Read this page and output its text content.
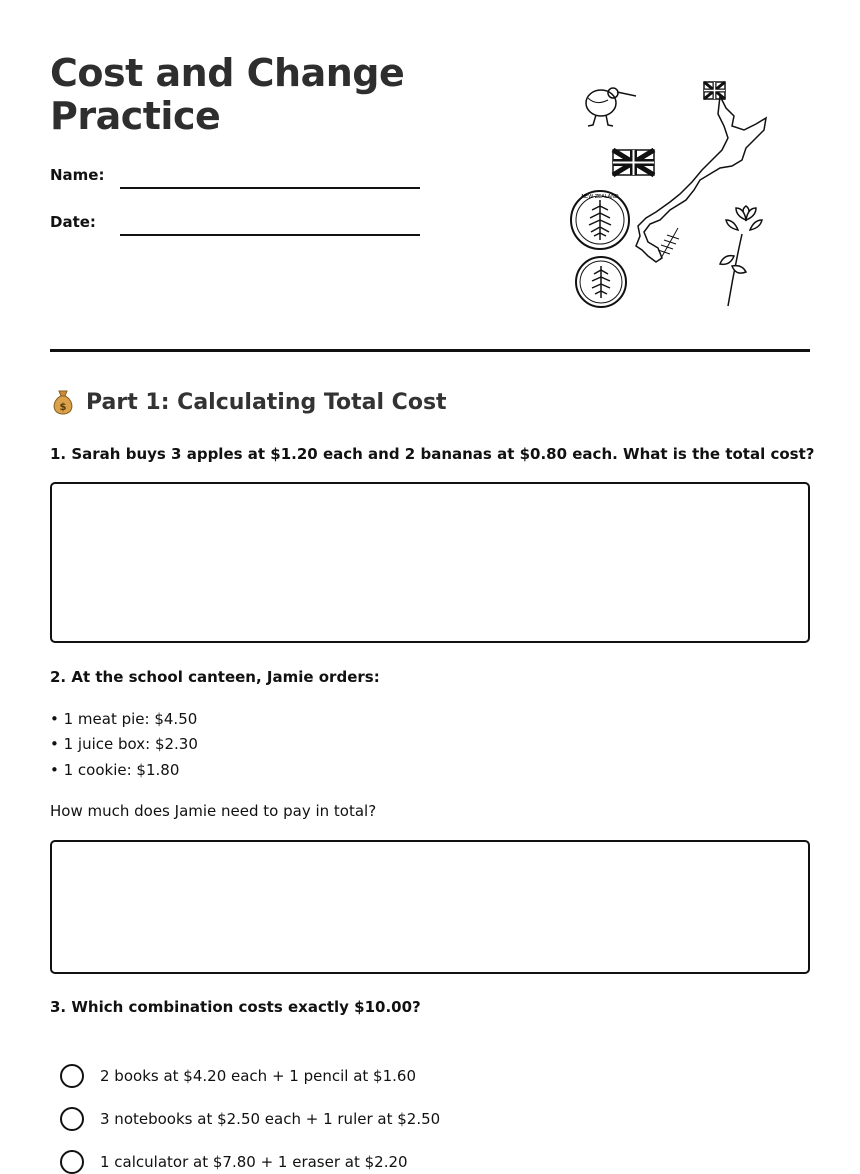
Cost and Change
Practice
Name:
Date:
NEW ZEALAND
$ Part 1: Calculating Total Cost

1. Sarah buys 3 apples at $1.20 each and 2 bananas at $0.80 each. What is the total cost?

2. At the school canteen, Jamie orders:

• 1 meat pie: $4.50
• 1 juice box: $2.30
• 1 cookie: $1.80
How much does Jamie need to pay in total?

3. Which combination costs exactly $10.00?

2 books at $4.20 each + 1 pencil at $1.60
3 notebooks at $2.50 each + 1 ruler at $2.50
1 calculator at $7.80 + 1 eraser at $2.20
